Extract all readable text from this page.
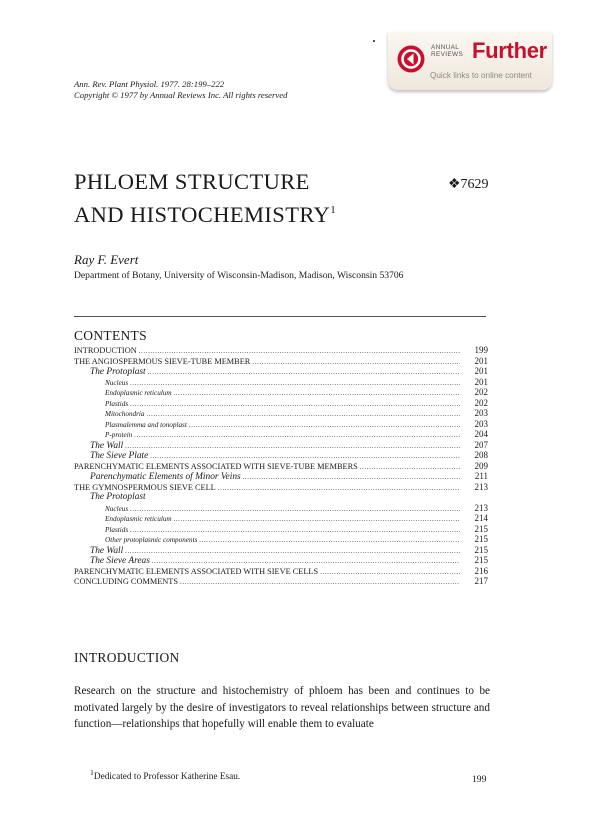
ANNUAL
REVIEWS Further
Quick links to online content
Ann. Rev. Plant Physiol. 1977. 28:199–222
Copyright © 1977 by Annual Reviews Inc. All rights reserved
PHLOEM STRUCTURE
AND HISTOCHEMISTRY$^1$
❖7629
Ray F. Evert
Department of Botany, University of Wisconsin-Madison, Madison, Wisconsin 53706
CONTENTS
INTRODUCTION .....	199
THE ANGIOSPERMOUS SIEVE-TUBE MEMBER .....	201
The Protoplast .....	201
Nucleus .....	201
Endoplasmic reticulum .....	202
Plastids .....	202
Mitochondria .....	203
Plasmalemma and tonoplast .....	203
P-protein .....	204
The Wall .....	207
The Sieve Plate .....	208
PARENCHYMATIC ELEMENTS ASSOCIATED WITH SIEVE-TUBE MEMBERS .....	209
Parenchymatic Elements of Minor Veins .....	211
THE GYMNOSPERMOUS SIEVE CELL .....	213
The Protoplast
Nucleus .....	213
Endoplasmic reticulum .....	214
Plastids .....	215
Other protoplasmic components .....	215
The Wall .....	215
The Sieve Areas .....	215
PARENCHYMATIC ELEMENTS ASSOCIATED WITH SIEVE CELLS .....	216
CONCLUDING COMMENTS .....	217
INTRODUCTION
Research on the structure and histochemistry of phloem has been and continues to be motivated largely by the desire of investigators to reveal relationships between structure and function—relationships that hopefully will enable them to evaluate
$^1$Dedicated to Professor Katherine Esau.	199
